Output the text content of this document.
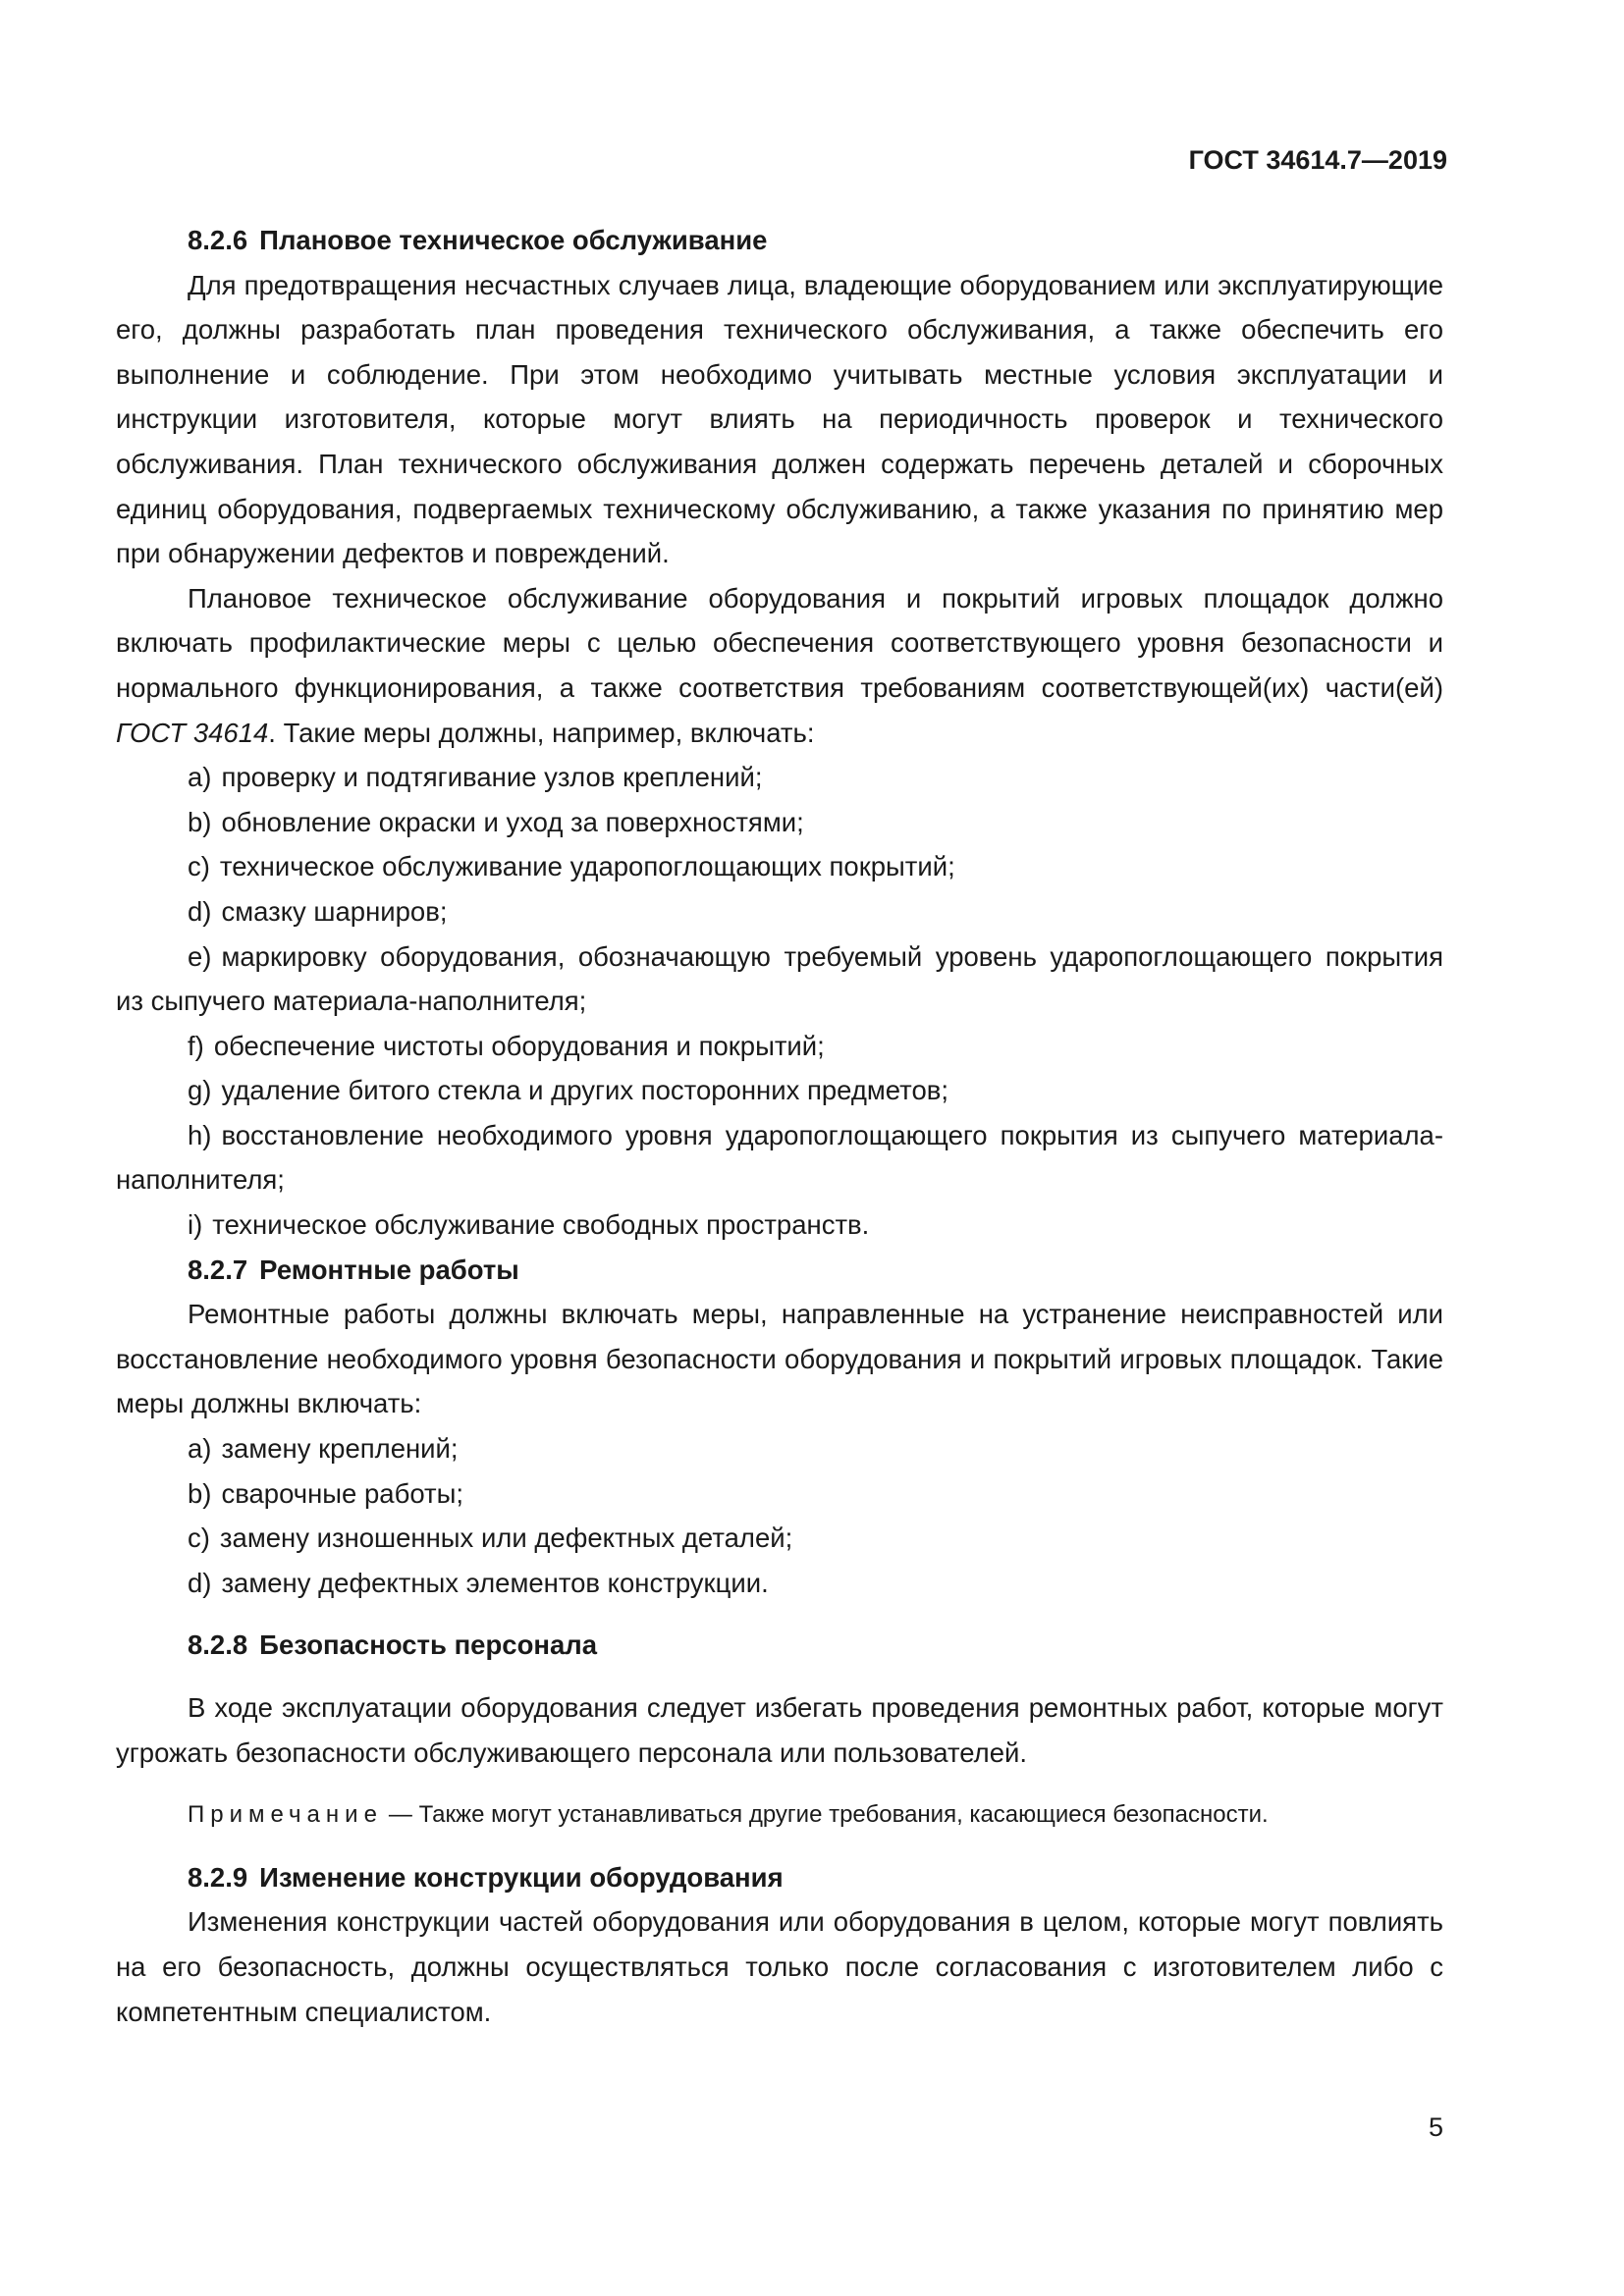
ГОСТ 34614.7—2019
8.2.6 Плановое техническое обслуживание

Для предотвращения несчастных случаев лица, владеющие оборудованием или эксплуатирующие его, должны разработать план проведения технического обслуживания, а также обеспечить его выполнение и соблюдение. При этом необходимо учитывать местные условия эксплуатации и инструкции изготовителя, которые могут влиять на периодичность проверок и технического обслуживания. План технического обслуживания должен содержать перечень деталей и сборочных единиц оборудования, подвергаемых техническому обслуживанию, а также указания по принятию мер при обнаружении дефектов и повреждений.

Плановое техническое обслуживание оборудования и покрытий игровых площадок должно включать профилактические меры с целью обеспечения соответствующего уровня безопасности и нормального функционирования, а также соответствия требованиям соответствующей(их) части(ей) ГОСТ 34614. Такие меры должны, например, включать:

a) проверку и подтягивание узлов креплений;

b) обновление окраски и уход за поверхностями;

c) техническое обслуживание ударопоглощающих покрытий;

d) смазку шарниров;

e) маркировку оборудования, обозначающую требуемый уровень ударопоглощающего покрытия из сыпучего материала-наполнителя;

f) обеспечение чистоты оборудования и покрытий;

g) удаление битого стекла и других посторонних предметов;

h) восстановление необходимого уровня ударопоглощающего покрытия из сыпучего материала-наполнителя;

i) техническое обслуживание свободных пространств.

8.2.7 Ремонтные работы

Ремонтные работы должны включать меры, направленные на устранение неисправностей или восстановление необходимого уровня безопасности оборудования и покрытий игровых площадок. Такие меры должны включать:

a) замену креплений;

b) сварочные работы;

c) замену изношенных или дефектных деталей;

d) замену дефектных элементов конструкции.

8.2.8 Безопасность персонала

В ходе эксплуатации оборудования следует избегать проведения ремонтных работ, которые могут угрожать безопасности обслуживающего персонала или пользователей.

Примечание — Также могут устанавливаться другие требования, касающиеся безопасности.

8.2.9 Изменение конструкции оборудования

Изменения конструкции частей оборудования или оборудования в целом, которые могут повлиять на его безопасность, должны осуществляться только после согласования с изготовителем либо с компетентным специалистом.

5
